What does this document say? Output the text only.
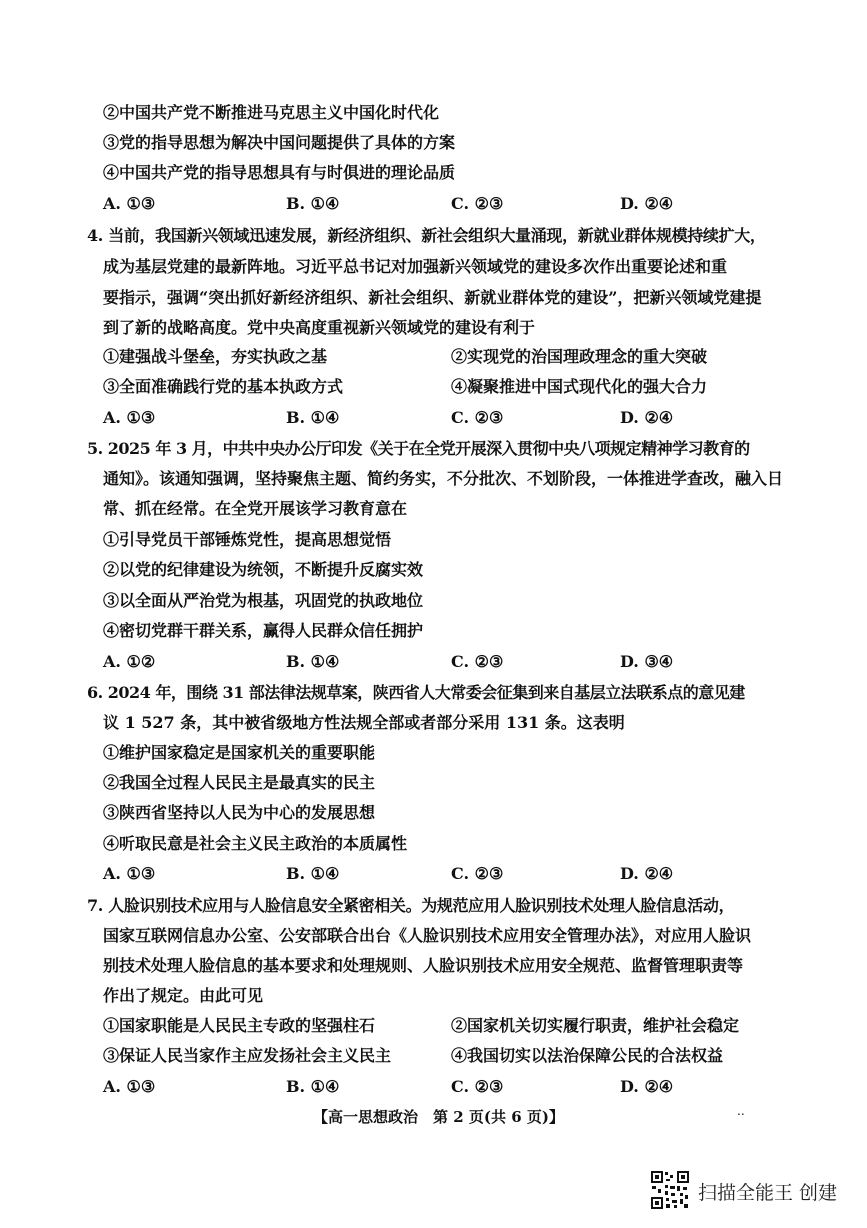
②中国共产党不断推进马克思主义中国化时代化
③党的指导思想为解决中国问题提供了具体的方案
④中国共产党的指导思想具有与时俱进的理论品质
A. ①③	B. ①④	C. ②③	D. ②④
4. 当前，我国新兴领域迅速发展，新经济组织、新社会组织大量涌现，新就业群体规模持续扩大，
成为基层党建的最新阵地。习近平总书记对加强新兴领域党的建设多次作出重要论述和重
要指示，强调“突出抓好新经济组织、新社会组织、新就业群体党的建设”，把新兴领域党建提
到了新的战略高度。党中央高度重视新兴领域党的建设有利于
①建强战斗堡垒，夯实执政之基	②实现党的治国理政理念的重大突破
③全面准确践行党的基本执政方式	④凝聚推进中国式现代化的强大合力
A. ①③	B. ①④	C. ②③	D. ②④
5. 2025 年 3 月，中共中央办公厅印发《关于在全党开展深入贯彻中央八项规定精神学习教育的
通知》。该通知强调，坚持聚焦主题、简约务实，不分批次、不划阶段，一体推进学查改，融入日
常、抓在经常。在全党开展该学习教育意在
①引导党员干部锤炼党性，提高思想觉悟
②以党的纪律建设为统领，不断提升反腐实效
③以全面从严治党为根基，巩固党的执政地位
④密切党群干群关系，赢得人民群众信任拥护
A. ①②	B. ①④	C. ②③	D. ③④
6. 2024 年，围绕 31 部法律法规草案，陕西省人大常委会征集到来自基层立法联系点的意见建
议 1 527 条，其中被省级地方性法规全部或者部分采用 131 条。这表明
①维护国家稳定是国家机关的重要职能
②我国全过程人民民主是最真实的民主
③陕西省坚持以人民为中心的发展思想
④听取民意是社会主义民主政治的本质属性
A. ①③	B. ①④	C. ②③	D. ②④
7. 人脸识别技术应用与人脸信息安全紧密相关。为规范应用人脸识别技术处理人脸信息活动，
国家互联网信息办公室、公安部联合出台《人脸识别技术应用安全管理办法》，对应用人脸识
别技术处理人脸信息的基本要求和处理规则、人脸识别技术应用安全规范、监督管理职责等
作出了规定。由此可见
①国家职能是人民民主专政的坚强柱石	②国家机关切实履行职责，维护社会稳定
③保证人民当家作主应发扬社会主义民主	④我国切实以法治保障公民的合法权益
A. ①③	B. ①④	C. ②③	D. ②④
【高一思想政治　第 2 页(共 6 页)】	..
扫描全能王 创建
